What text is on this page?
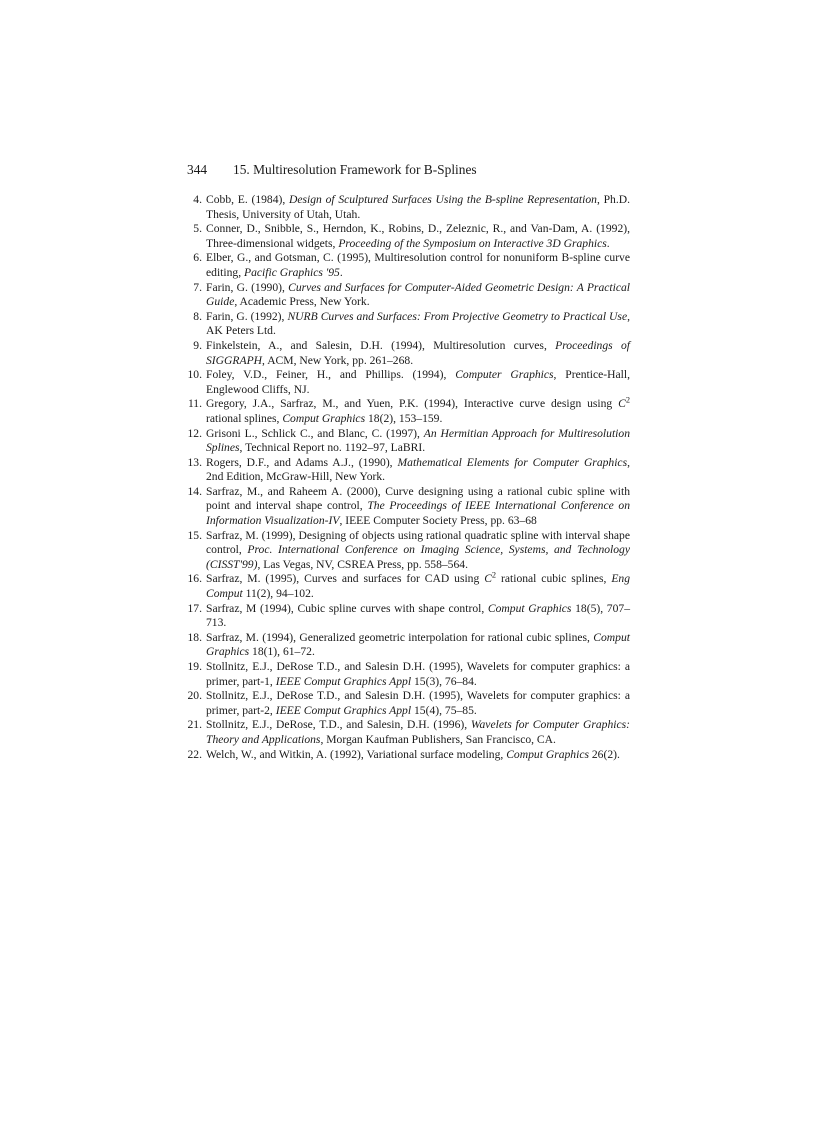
344	15. Multiresolution Framework for B-Splines
4. Cobb, E. (1984), Design of Sculptured Surfaces Using the B-spline Representation, Ph.D. Thesis, University of Utah, Utah.
5. Conner, D., Snibble, S., Herndon, K., Robins, D., Zeleznic, R., and Van-Dam, A. (1992), Three-dimensional widgets, Proceeding of the Symposium on Interactive 3D Graphics.
6. Elber, G., and Gotsman, C. (1995), Multiresolution control for nonuniform B-spline curve editing, Pacific Graphics '95.
7. Farin, G. (1990), Curves and Surfaces for Computer-Aided Geometric Design: A Practical Guide, Academic Press, New York.
8. Farin, G. (1992), NURB Curves and Surfaces: From Projective Geometry to Practical Use, AK Peters Ltd.
9. Finkelstein, A., and Salesin, D.H. (1994), Multiresolution curves, Proceedings of SIGGRAPH, ACM, New York, pp. 261–268.
10. Foley, V.D., Feiner, H., and Phillips. (1994), Computer Graphics, Prentice-Hall, Englewood Cliffs, NJ.
11. Gregory, J.A., Sarfraz, M., and Yuen, P.K. (1994), Interactive curve design using $C^2$ rational splines, Comput Graphics 18(2), 153–159.
12. Grisoni L., Schlick C., and Blanc, C. (1997), An Hermitian Approach for Multiresolution Splines, Technical Report no. 1192–97, LaBRI.
13. Rogers, D.F., and Adams A.J., (1990), Mathematical Elements for Computer Graphics, 2nd Edition, McGraw-Hill, New York.
14. Sarfraz, M., and Raheem A. (2000), Curve designing using a rational cubic spline with point and interval shape control, The Proceedings of IEEE International Conference on Information Visualization-IV, IEEE Computer Society Press, pp. 63–68
15. Sarfraz, M. (1999), Designing of objects using rational quadratic spline with interval shape control, Proc. International Conference on Imaging Science, Systems, and Technology (CISST'99), Las Vegas, NV, CSREA Press, pp. 558–564.
16. Sarfraz, M. (1995), Curves and surfaces for CAD using $C^2$ rational cubic splines, Eng Comput 11(2), 94–102.
17. Sarfraz, M (1994), Cubic spline curves with shape control, Comput Graphics 18(5), 707–713.
18. Sarfraz, M. (1994), Generalized geometric interpolation for rational cubic splines, Comput Graphics 18(1), 61–72.
19. Stollnitz, E.J., DeRose T.D., and Salesin D.H. (1995), Wavelets for computer graphics: a primer, part-1, IEEE Comput Graphics Appl 15(3), 76–84.
20. Stollnitz, E.J., DeRose T.D., and Salesin D.H. (1995), Wavelets for computer graphics: a primer, part-2, IEEE Comput Graphics Appl 15(4), 75–85.
21. Stollnitz, E.J., DeRose, T.D., and Salesin, D.H. (1996), Wavelets for Computer Graphics: Theory and Applications, Morgan Kaufman Publishers, San Francisco, CA.
22. Welch, W., and Witkin, A. (1992), Variational surface modeling, Comput Graphics 26(2).
